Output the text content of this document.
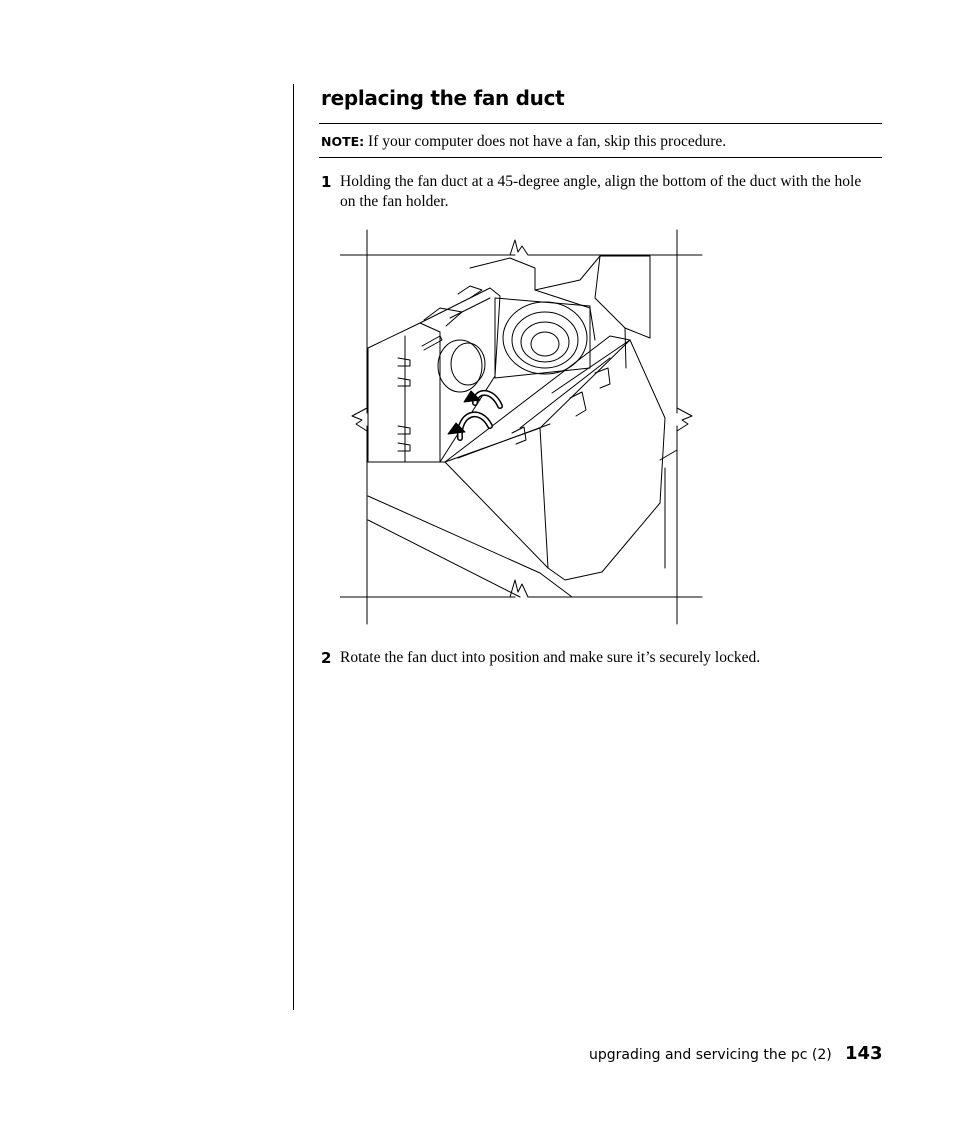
replacing the fan duct
NOTE: If your computer does not have a fan, skip this procedure.
1 Holding the fan duct at a 45-degree angle, align the bottom of the duct with the hole on the fan holder.
2 Rotate the fan duct into position and make sure it’s securely locked.
upgrading and servicing the pc (2) 143
